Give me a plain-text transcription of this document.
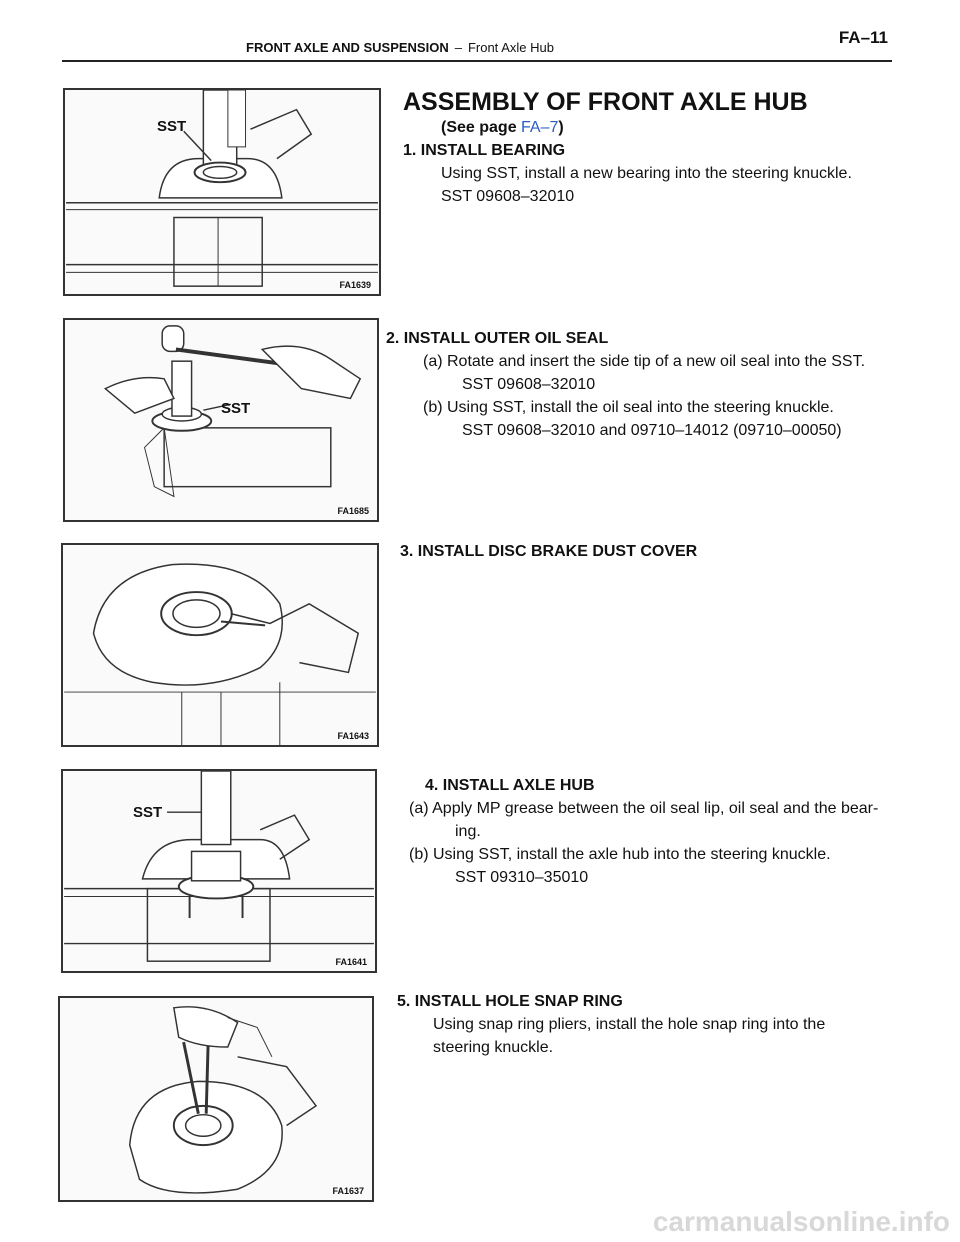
FRONT AXLE AND SUSPENSION – Front Axle Hub
FA–11
SST
FA1639
SST
FA1685
FA1643
SST
FA1641
FA1637
ASSEMBLY OF FRONT AXLE HUB
(See page FA–7)
1. INSTALL BEARING
Using SST, install a new bearing into the steering knuckle.
SST 09608–32010
2. INSTALL OUTER OIL SEAL
(a) Rotate and insert the side tip of a new oil seal into the SST.
SST 09608–32010
(b) Using SST, install the oil seal into the steering knuckle.
SST 09608–32010 and 09710–14012 (09710–00050)
3. INSTALL DISC BRAKE DUST COVER
4. INSTALL AXLE HUB
(a) Apply MP grease between the oil seal lip, oil seal and the bear-
ing.
(b) Using SST, install the axle hub into the steering knuckle.
SST 09310–35010
5. INSTALL HOLE SNAP RING
Using snap ring pliers, install the hole snap ring into the
steering knuckle.
carmanualsonline.info
